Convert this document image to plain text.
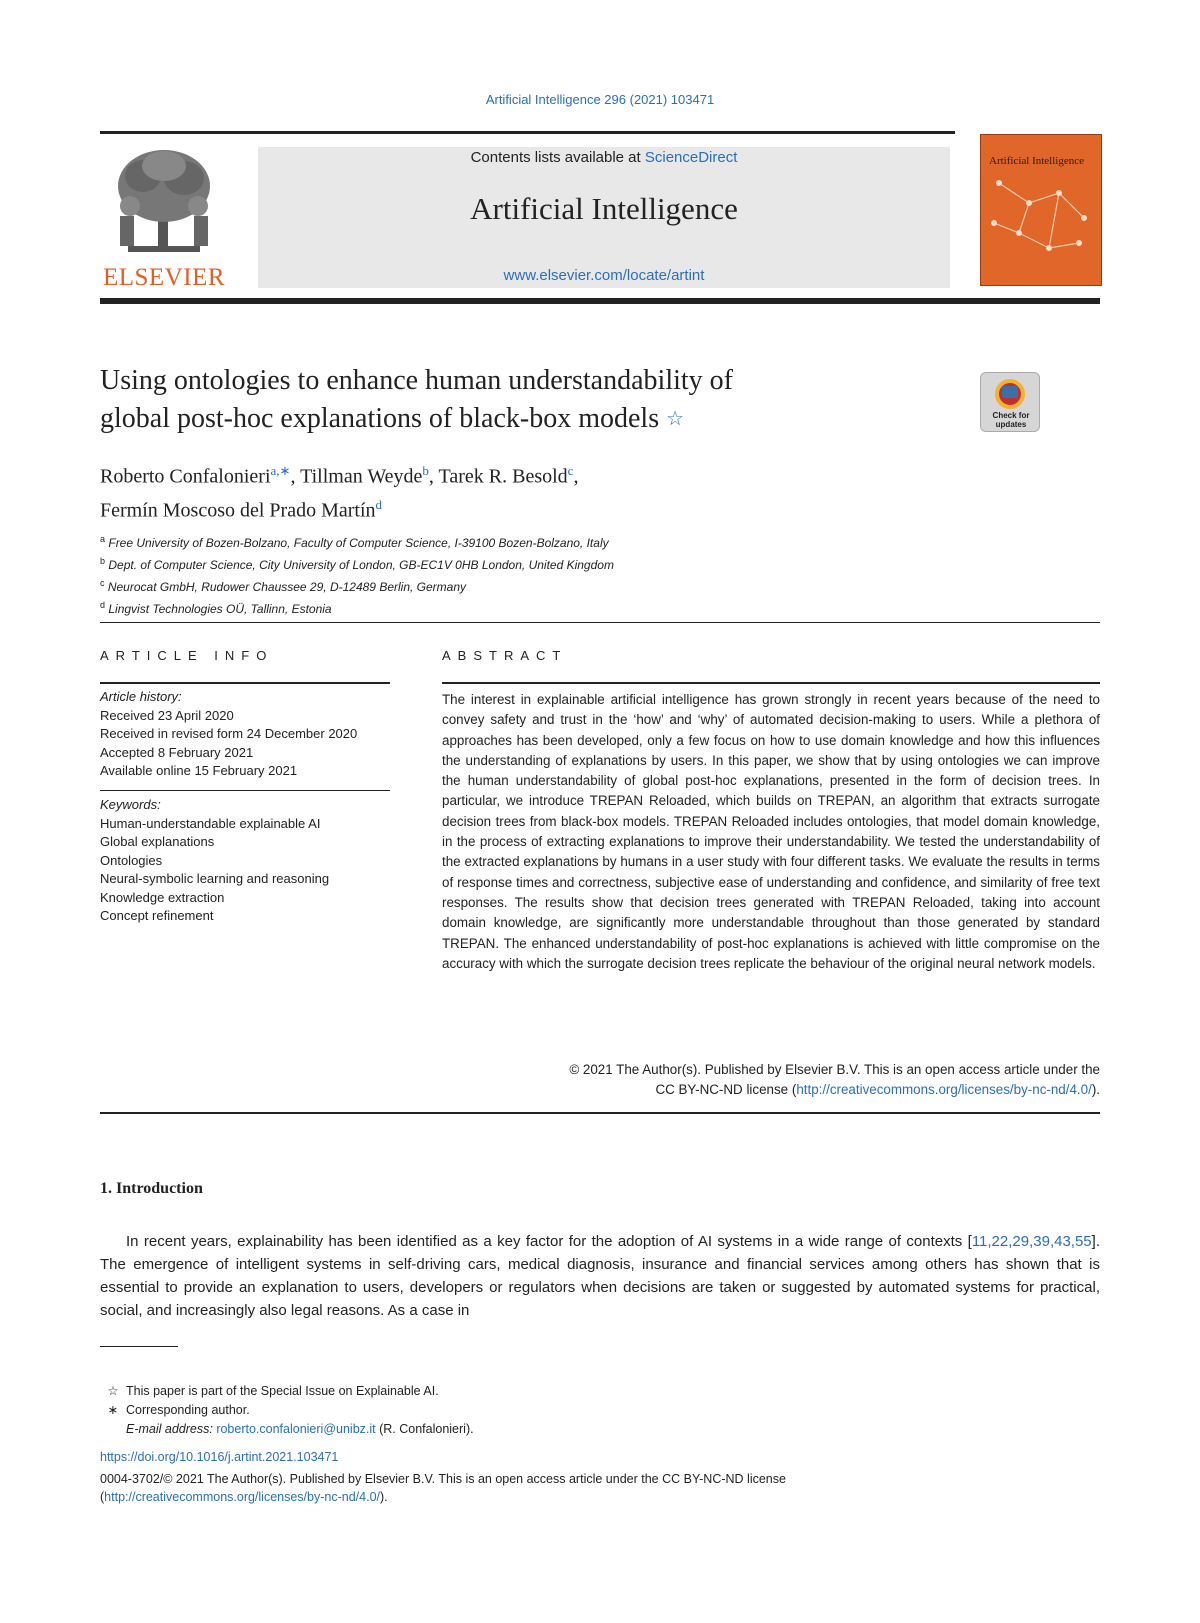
Artificial Intelligence 296 (2021) 103471
ELSEVIER
Contents lists available at ScienceDirect
Artificial Intelligence
www.elsevier.com/locate/artint
Artificial Intelligence
Using ontologies to enhance human understandability of
global post-hoc explanations of black-box models ☆	Check for updates
Roberto Confalonieri$^{a,∗}$, Tillman Weyde$^b$, Tarek R. Besold$^c$,
Fermín Moscoso del Prado Martín$^d$
$^a$ Free University of Bozen-Bolzano, Faculty of Computer Science, I-39100 Bozen-Bolzano, Italy
$^b$ Dept. of Computer Science, City University of London, GB-EC1V 0HB London, United Kingdom
$^c$ Neurocat GmbH, Rudower Chaussee 29, D-12489 Berlin, Germany
$^d$ Lingvist Technologies OÜ, Tallinn, Estonia
ARTICLE INFO	ABSTRACT
Article history:
Received 23 April 2020
Received in revised form 24 December 2020
Accepted 8 February 2021
Available online 15 February 2021
Keywords:
Human-understandable explainable AI
Global explanations
Ontologies
Neural-symbolic learning and reasoning
Knowledge extraction
Concept refinement
The interest in explainable artificial intelligence has grown strongly in recent years because of the need to convey safety and trust in the ‘how’ and ‘why’ of automated decision-making to users. While a plethora of approaches has been developed, only a few focus on how to use domain knowledge and how this influences the understanding of explanations by users. In this paper, we show that by using ontologies we can improve the human understandability of global post-hoc explanations, presented in the form of decision trees. In particular, we introduce TREPAN Reloaded, which builds on TREPAN, an algorithm that extracts surrogate decision trees from black-box models. TREPAN Reloaded includes ontologies, that model domain knowledge, in the process of extracting explanations to improve their understandability. We tested the understandability of the extracted explanations by humans in a user study with four different tasks. We evaluate the results in terms of response times and correctness, subjective ease of understanding and confidence, and similarity of free text responses. The results show that decision trees generated with TREPAN Reloaded, taking into account domain knowledge, are significantly more understandable throughout than those generated by standard TREPAN. The enhanced understandability of post-hoc explanations is achieved with little compromise on the accuracy with which the surrogate decision trees replicate the behaviour of the original neural network models.
© 2021 The Author(s). Published by Elsevier B.V. This is an open access article under the
CC BY-NC-ND license (http://creativecommons.org/licenses/by-nc-nd/4.0/).
1. Introduction
In recent years, explainability has been identified as a key factor for the adoption of AI systems in a wide range of contexts [11,22,29,39,43,55]. The emergence of intelligent systems in self-driving cars, medical diagnosis, insurance and financial services among others has shown that is essential to provide an explanation to users, developers or regulators when decisions are taken or suggested by automated systems for practical, social, and increasingly also legal reasons. As a case in
☆ This paper is part of the Special Issue on Explainable AI.
∗ Corresponding author.
E-mail address: roberto.confalonieri@unibz.it (R. Confalonieri).
https://doi.org/10.1016/j.artint.2021.103471
0004-3702/© 2021 The Author(s). Published by Elsevier B.V. This is an open access article under the CC BY-NC-ND license
(http://creativecommons.org/licenses/by-nc-nd/4.0/).
